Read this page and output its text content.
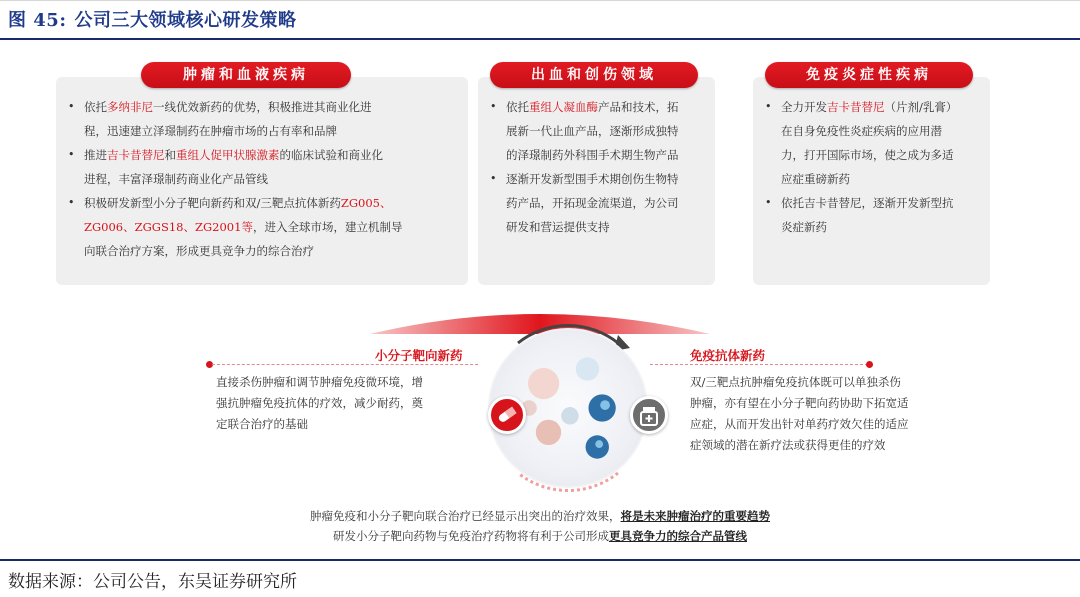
图 45: 公司三大领域核心研发策略
• 依托多纳非尼一线优效新药的优势，积极推进其商业化进
程，迅速建立泽璟制药在肿瘤市场的占有率和品牌
• 推进吉卡昔替尼和重组人促甲状腺激素的临床试验和商业化
进程，丰富泽璟制药商业化产品管线
• 积极研发新型小分子靶向新药和双/三靶点抗体新药ZG005、
ZG006、ZGGS18、ZG2001等，进入全球市场，建立机制导
向联合治疗方案，形成更具竞争力的综合治疗
肿瘤和血液疾病
• 依托重组人凝血酶产品和技术，拓
展新一代止血产品，逐渐形成独特
的泽璟制药外科围手术期生物产品
• 逐渐开发新型围手术期创伤生物特
药产品，开拓现金流渠道，为公司
研发和营运提供支持
出血和创伤领域
• 全力开发吉卡昔替尼（片剂/乳膏）
在自身免疫性炎症疾病的应用潜
力，打开国际市场，使之成为多适
应症重磅新药
• 依托吉卡昔替尼，逐渐开发新型抗
炎症新药
免疫炎症性疾病
小分子靶向新药
直接杀伤肿瘤和调节肿瘤免疫微环境，增
强抗肿瘤免疫抗体的疗效，减少耐药，奠
定联合治疗的基础
免疫抗体新药
双/三靶点抗肿瘤免疫抗体既可以单独杀伤
肿瘤，亦有望在小分子靶向药协助下拓宽适
应症，从而开发出针对单药疗效欠佳的适应
症领域的潜在新疗法或获得更佳的疗效
肿瘤免疫和小分子靶向联合治疗已经显示出突出的治疗效果，将是未来肿瘤治疗的重要趋势
研发小分子靶向药物与免疫治疗药物将有利于公司形成更具竞争力的综合产品管线
数据来源：公司公告，东吴证券研究所
